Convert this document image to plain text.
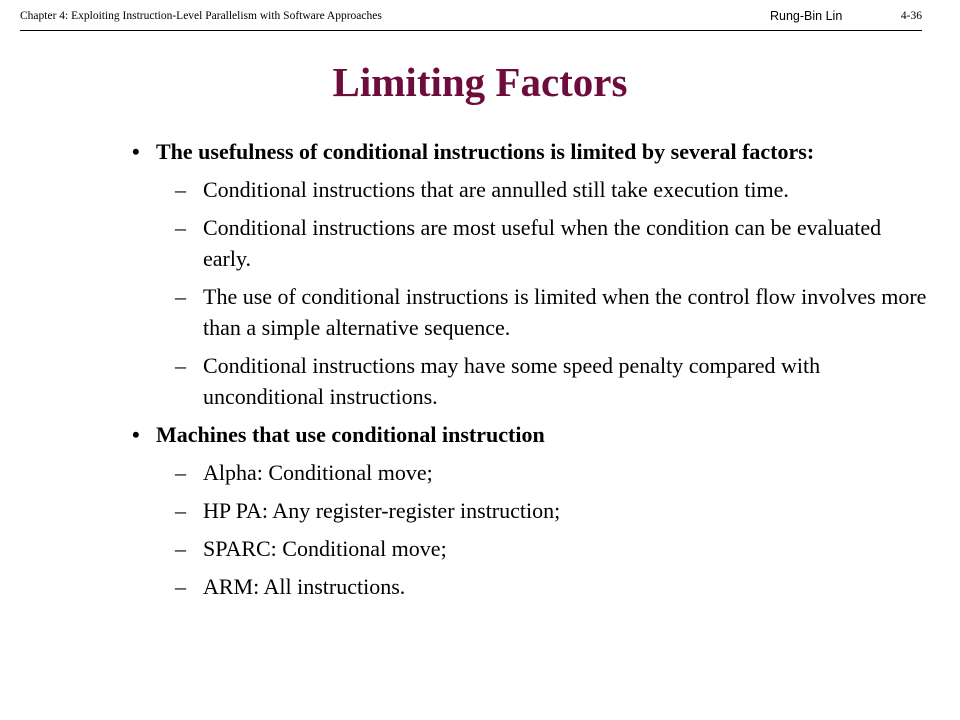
Chapter 4: Exploiting Instruction-Level Parallelism with Software Approaches	Rung-Bin Lin	4-36
Limiting Factors
• The usefulness of conditional instructions is limited by several factors:
– Conditional instructions that are annulled still take execution time.
– Conditional instructions are most useful when the condition can be evaluated early.
– The use of conditional instructions is limited when the control flow involves more than a simple alternative sequence.
– Conditional instructions may have some speed penalty compared with unconditional instructions.
• Machines that use conditional instruction
– Alpha: Conditional move;
– HP PA: Any register-register instruction;
– SPARC: Conditional move;
– ARM: All instructions.
